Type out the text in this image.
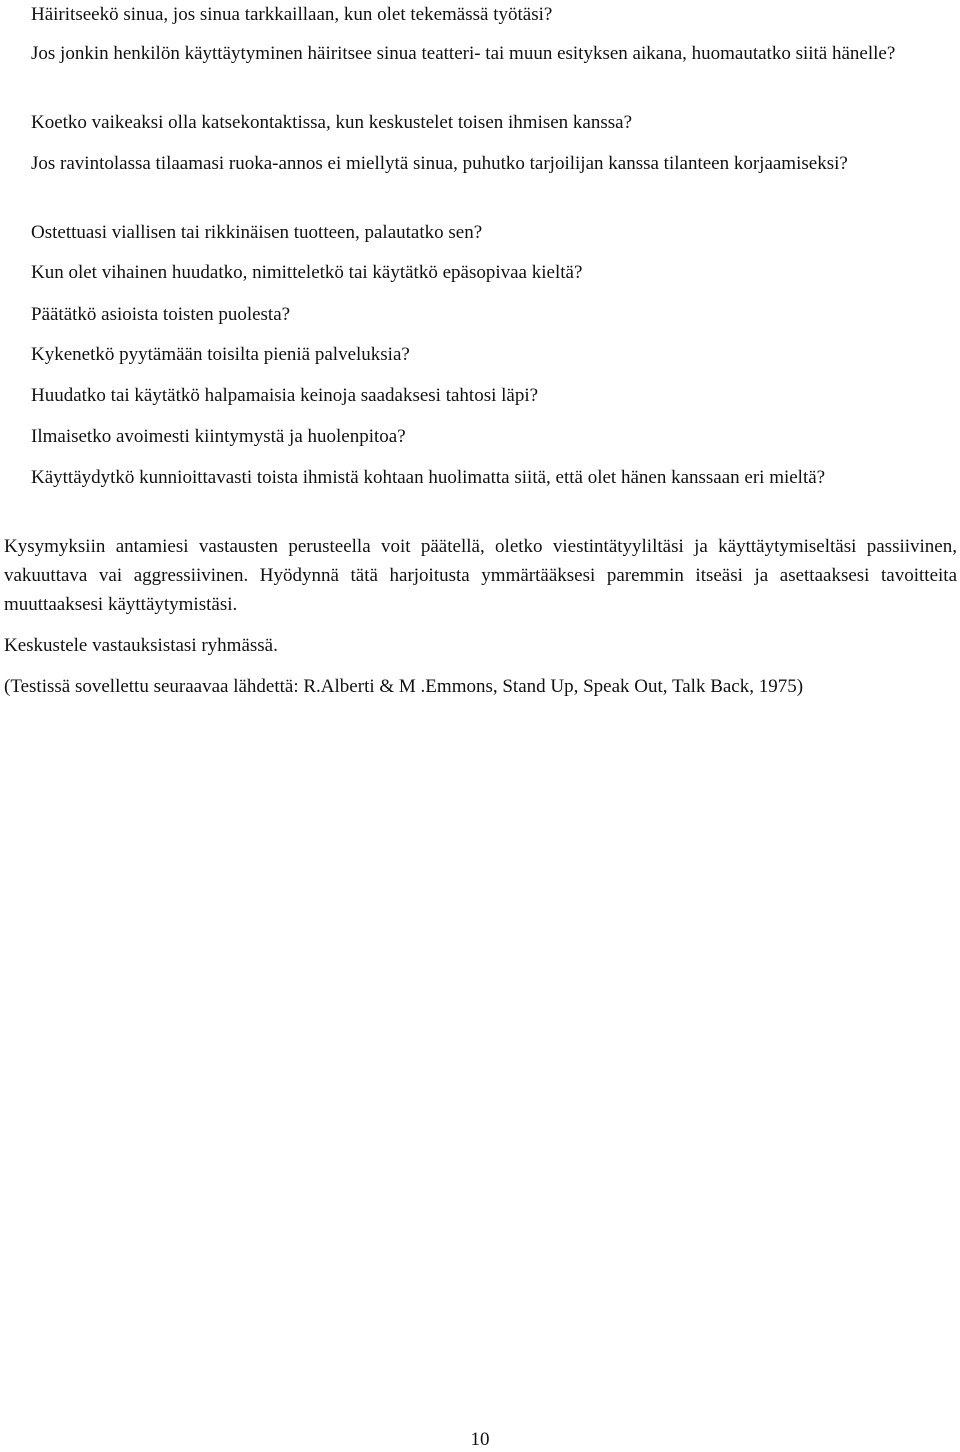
Häiritseekö sinua, jos sinua tarkkaillaan, kun olet tekemässä työtäsi?
Jos jonkin henkilön käyttäytyminen häiritsee sinua teatteri- tai muun esityksen aikana, huomautatko siitä hänelle?
Koetko vaikeaksi olla katsekontaktissa, kun keskustelet toisen ihmisen kanssa?
Jos ravintolassa tilaamasi ruoka-annos ei miellytä sinua, puhutko tarjoilijan kanssa tilanteen korjaamiseksi?
Ostettuasi viallisen tai rikkinäisen tuotteen, palautatko sen?
Kun olet vihainen huudatko, nimitteletkö tai käytätkö epäsopivaa kieltä?
Päätätkö asioista toisten puolesta?
Kykenetkö pyytämään toisilta pieniä palveluksia?
Huudatko tai käytätkö halpamaisia keinoja saadaksesi tahtosi läpi?
Ilmaisetko avoimesti kiintymystä ja huolenpitoa?
Käyttäydytkö kunnioittavasti toista ihmistä kohtaan huolimatta siitä, että olet hänen kanssaan eri mieltä?

Kysymyksiin antamiesi vastausten perusteella voit päätellä, oletko viestintätyyliltäsi ja käyttäytymiseltäsi passiivinen, vakuuttava vai aggressiivinen. Hyödynnä tätä harjoitusta ymmärtääksesi paremmin itseäsi ja asettaaksesi tavoitteita muuttaaksesi käyttäytymistäsi.

Keskustele vastauksistasi ryhmässä.

(Testissä sovellettu seuraavaa lähdettä: R.Alberti & M .Emmons, Stand Up, Speak Out, Talk Back, 1975)

10
